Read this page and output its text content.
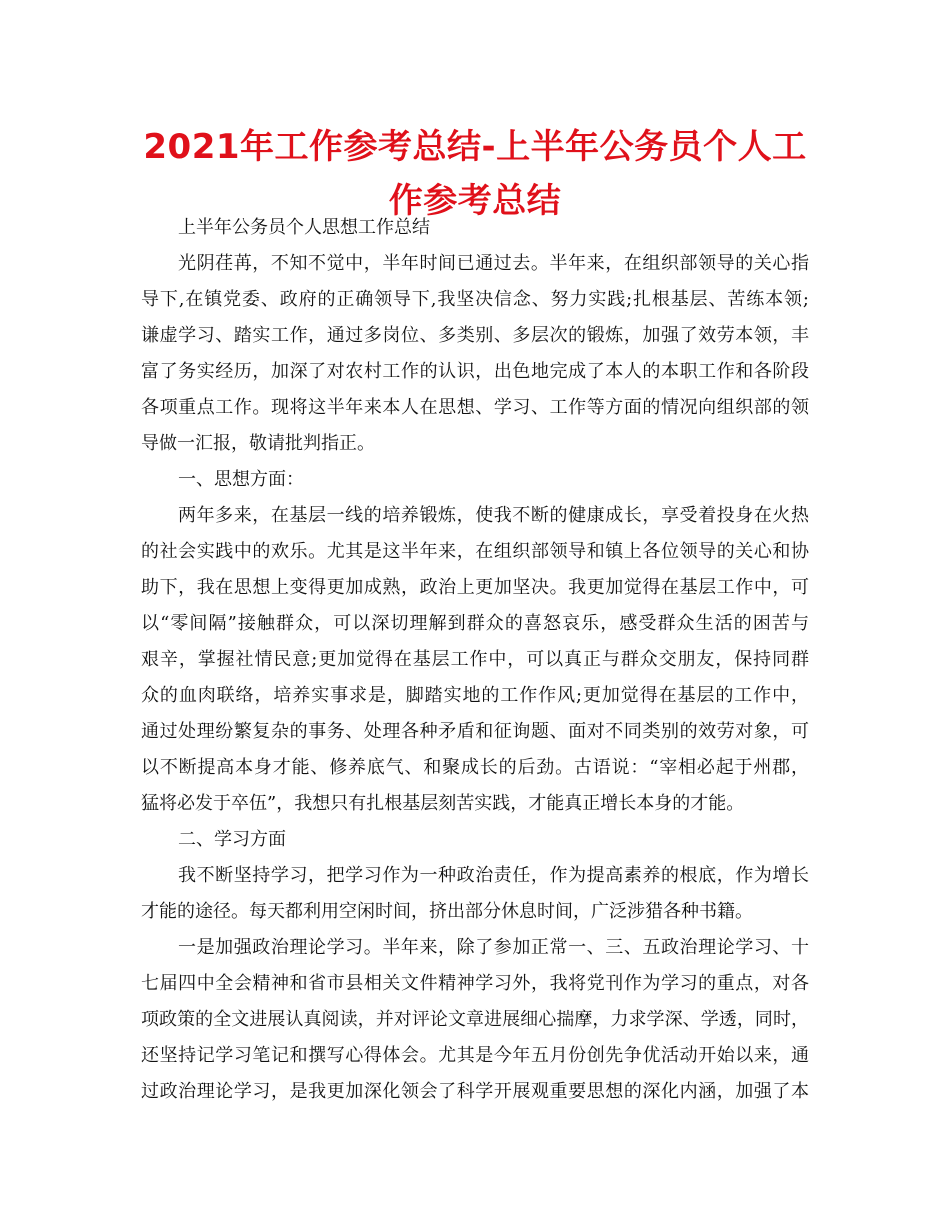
2021年工作参考总结-上半年公务员个人工作参考总结
上半年公务员个人思想工作总结
光阴荏苒，不知不觉中，半年时间已通过去。半年来，在组织部领导的关心指
导下,在镇党委、政府的正确领导下,我坚决信念、努力实践;扎根基层、苦练本领;
谦虚学习、踏实工作，通过多岗位、多类别、多层次的锻炼，加强了效劳本领，丰
富了务实经历，加深了对农村工作的认识，出色地完成了本人的本职工作和各阶段
各项重点工作。现将这半年来本人在思想、学习、工作等方面的情况向组织部的领
导做一汇报，敬请批判指正。
一、思想方面：
两年多来，在基层一线的培养锻炼，使我不断的健康成长，享受着投身在火热
的社会实践中的欢乐。尤其是这半年来，在组织部领导和镇上各位领导的关心和协
助下，我在思想上变得更加成熟，政治上更加坚决。我更加觉得在基层工作中，可
以“零间隔”接触群众，可以深切理解到群众的喜怒哀乐，感受群众生活的困苦与
艰辛，掌握社情民意;更加觉得在基层工作中，可以真正与群众交朋友，保持同群
众的血肉联络，培养实事求是，脚踏实地的工作作风;更加觉得在基层的工作中，
通过处理纷繁复杂的事务、处理各种矛盾和征询题、面对不同类别的效劳对象，可
以不断提高本身才能、修养底气、和聚成长的后劲。古语说：“宰相必起于州郡，
猛将必发于卒伍”，我想只有扎根基层刻苦实践，才能真正增长本身的才能。
二、学习方面
我不断坚持学习，把学习作为一种政治责任，作为提高素养的根底，作为增长
才能的途径。每天都利用空闲时间，挤出部分休息时间，广泛涉猎各种书籍。
一是加强政治理论学习。半年来，除了参加正常一、三、五政治理论学习、十
七届四中全会精神和省市县相关文件精神学习外，我将党刊作为学习的重点，对各
项政策的全文进展认真阅读，并对评论文章进展细心揣摩，力求学深、学透，同时，
还坚持记学习笔记和撰写心得体会。尤其是今年五月份创先争优活动开始以来，通
过政治理论学习，是我更加深化领会了科学开展观重要思想的深化内涵，加强了本
